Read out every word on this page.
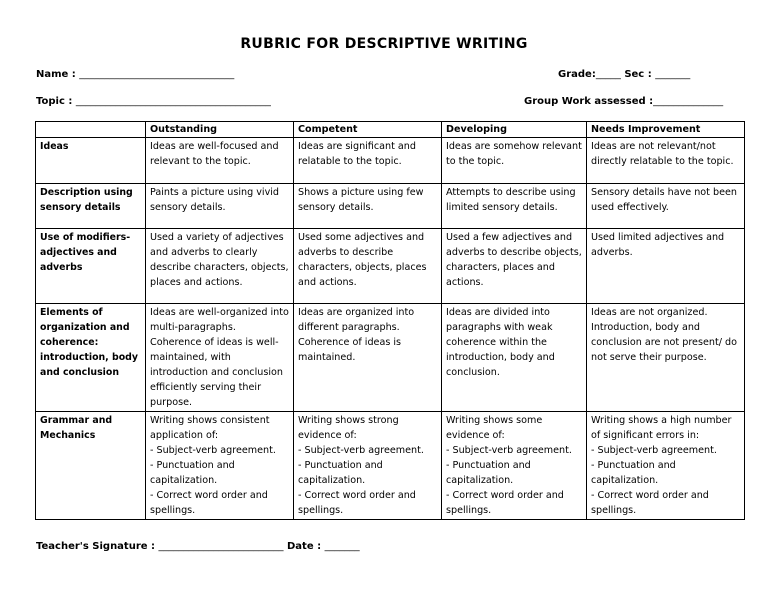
RUBRIC FOR DESCRIPTIVE WRITING
Name : _______________________________	Grade:_____ Sec : _______
Topic : _______________________________________	Group Work assessed :______________
	Outstanding	Competent	Developing	Needs Improvement
Ideas	Ideas are well-focused and relevant to the topic.	Ideas are significant and relatable to the topic.	Ideas are somehow relevant to the topic.	Ideas are not relevant/not directly relatable to the topic.
Description using sensory details	Paints a picture using vivid sensory details.	Shows a picture using few sensory details.	Attempts to describe using limited sensory details.	Sensory details have not been used effectively.
Use of modifiers-adjectives and adverbs	Used a variety of adjectives and adverbs to clearly describe characters, objects, places and actions.	Used some adjectives and adverbs to describe characters, objects, places and actions.	Used a few adjectives and adverbs to describe objects, characters, places and actions.	Used limited adjectives and adverbs.
Elements of organization and coherence: introduction, body and conclusion	Ideas are well-organized into multi-paragraphs. Coherence of ideas is well-maintained, with introduction and conclusion efficiently serving their purpose.	Ideas are organized into different paragraphs. Coherence of ideas is maintained.	Ideas are divided into paragraphs with weak coherence within the introduction, body and conclusion.	Ideas are not organized. Introduction, body and conclusion are not present/ do not serve their purpose.
Grammar and Mechanics	Writing shows consistent application of:
- Subject-verb agreement.
- Punctuation and capitalization.
- Correct word order and spellings.	Writing shows strong evidence of:
- Subject-verb agreement.
- Punctuation and capitalization.
- Correct word order and spellings.	Writing shows some evidence of:
- Subject-verb agreement.
- Punctuation and capitalization.
- Correct word order and spellings.	Writing shows a high number of significant errors in:
- Subject-verb agreement.
- Punctuation and capitalization.
- Correct word order and spellings.
Teacher's Signature : _________________________ Date : _______
